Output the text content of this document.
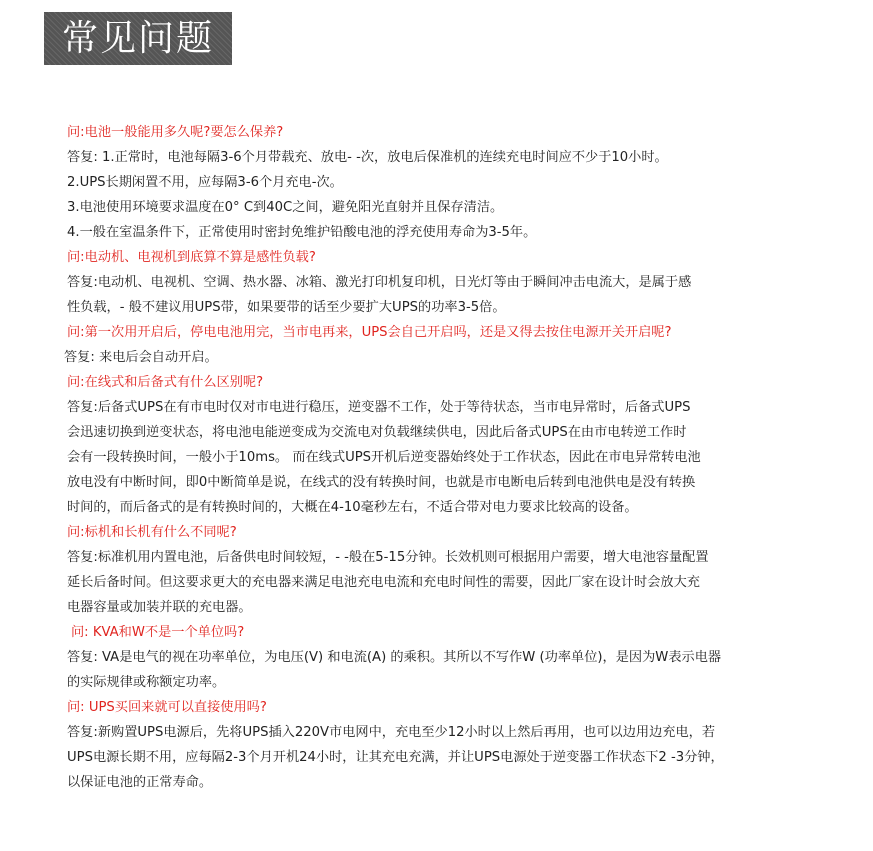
常见问题
问:电池一般能用多久呢?要怎么保养?
答复: 1.正常时，电池每隔3-6个月带载充、放电- -次，放电后保准机的连续充电时间应不少于10小时。
2.UPS长期闲置不用，应每隔3-6个月充电-次。
3.电池使用环境要求温度在0° C到40C之间，避免阳光直射并且保存清洁。
4.一般在室温条件下，正常使用时密封免维护铅酸电池的浮充使用寿命为3-5年。
问:电动机、电视机到底算不算是感性负载?
答复:电动机、电视机、空调、热水器、冰箱、激光打印机复印机，日光灯等由于瞬间冲击电流大，是属于感
性负载，- 般不建议用UPS带，如果要带的话至少要扩大UPS的功率3-5倍。
问:第一次用开启后，停电电池用完，当市电再来，UPS会自己开启吗，还是又得去按住电源开关开启呢?
答复: 来电后会自动开启。
问:在线式和后备式有什么区别呢?
答复:后备式UPS在有市电时仅对市电进行稳压，逆变器不工作，处于等待状态，当市电异常时，后备式UPS
会迅速切换到逆变状态，将电池电能逆变成为交流电对负载继续供电，因此后备式UPS在由市电转逆工作时
会有一段转换时间，一般小于10ms。 而在线式UPS开机后逆变器始终处于工作状态，因此在市电异常转电池
放电没有中断时间，即0中断简单是说，在线式的没有转换时间，也就是市电断电后转到电池供电是没有转换
时间的，而后备式的是有转换时间的，大概在4-10毫秒左右，不适合带对电力要求比较高的设备。
问:标机和长机有什么不同呢?
答复:标准机用内置电池，后备供电时间较短，- -般在5-15分钟。长效机则可根据用户需要，增大电池容量配置
延长后备时间。但这要求更大的充电器来满足电池充电电流和充电时间性的需要，因此厂家在设计时会放大充
电器容量或加装并联的充电器。
问: KVA和W不是一个单位吗?
答复: VA是电气的视在功率单位，为电压(V) 和电流(A) 的乘积。其所以不写作W (功率单位)，是因为W表示电器
的实际规律或称额定功率。
问: UPS买回来就可以直接使用吗?
答复:新购置UPS电源后，先将UPS插入220V市电网中，充电至少12小时以上然后再用，也可以边用边充电，若
UPS电源长期不用，应每隔2-3个月开机24小时，让其充电充满，并让UPS电源处于逆变器工作状态下2 -3分钟，
以保证电池的正常寿命。
